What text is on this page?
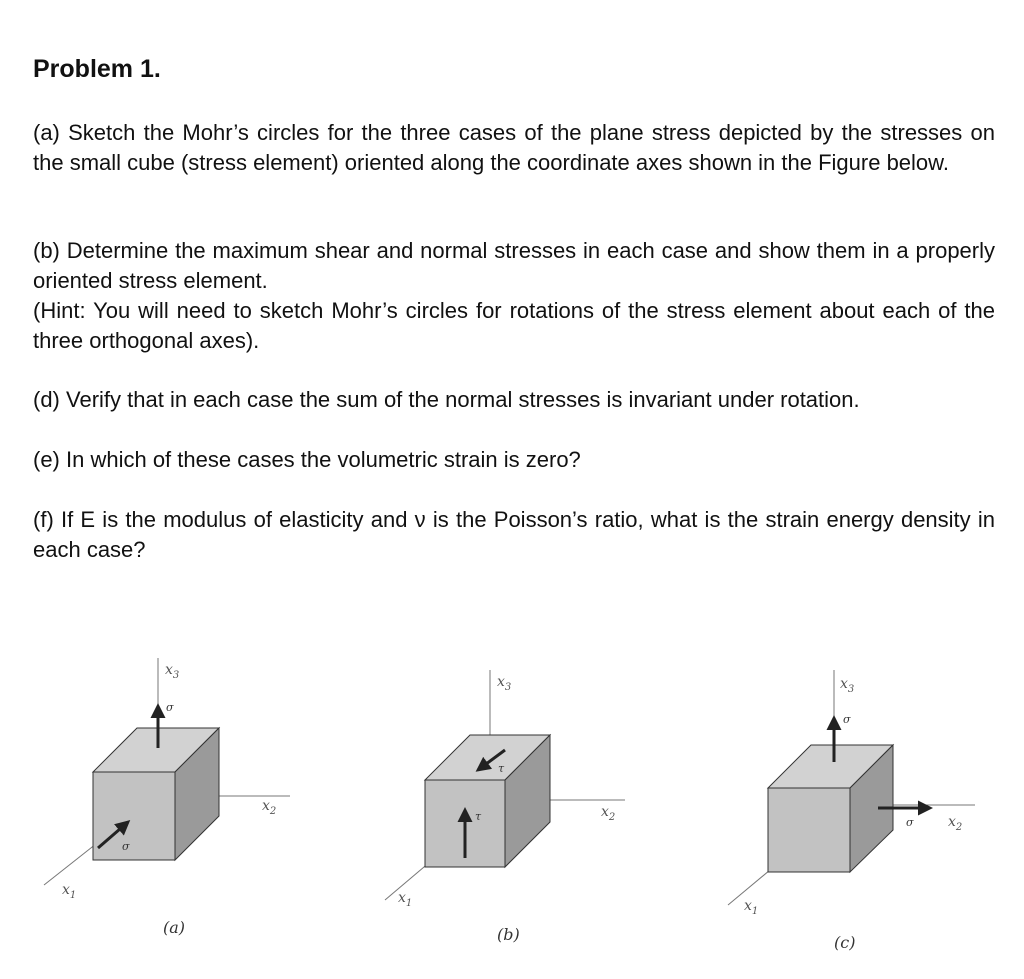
Problem 1.

(a) Sketch the Mohr’s circles for the three cases of the plane stress depicted by the stresses on the small cube (stress element) oriented along the coordinate axes shown in the Figure below.

(b) Determine the maximum shear and normal stresses in each case and show them in a properly oriented stress element.

(Hint: You will need to sketch Mohr’s circles for rotations of the stress element about each of the three orthogonal axes).

(d) Verify that in each case the sum of the normal stresses is invariant under rotation.

(e) In which of these cases the volumetric strain is zero?

(f) If E is the modulus of elasticity and ν is the Poisson’s ratio, what is the strain energy density in each case?

σ
σ
$x_3$
$x_2$
$x_1$
(a)
τ
τ
$x_3$
$x_2$
$x_1$
(b)
σ
σ
$x_3$
$x_2$
$x_1$
(c)
